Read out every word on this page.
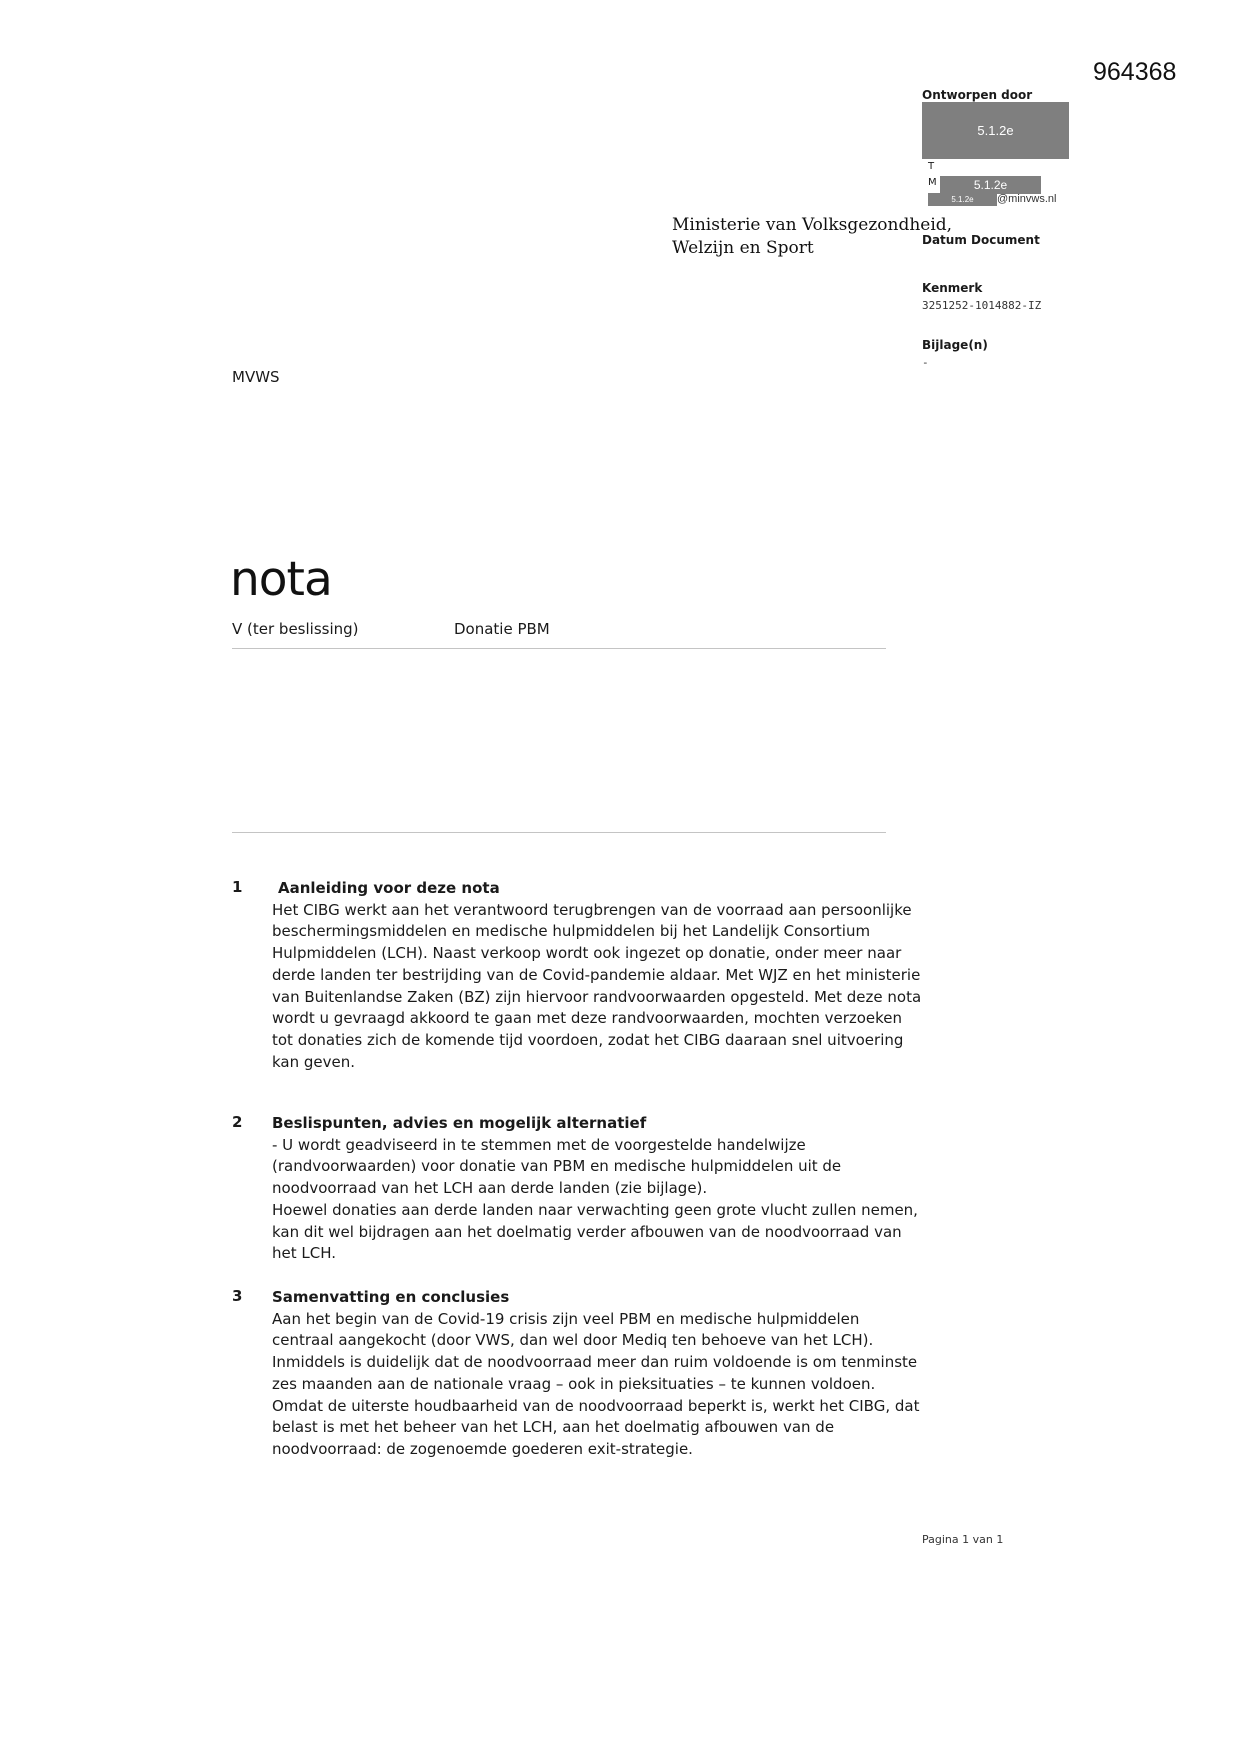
964368
Ontworpen door
5.1.2e
T
M	5.1.2e
5.1.2e	@minvws.nl
Datum Document
Kenmerk
3251252-1014882-IZ
Bijlage(n)
-
Ministerie van Volksgezondheid,
Welzijn en Sport
MVWS
nota
V (ter beslissing)	Donatie PBM
1 Aanleiding voor deze nota

Het CIBG werkt aan het verantwoord terugbrengen van de voorraad aan persoonlijke beschermingsmiddelen en medische hulpmiddelen bij het Landelijk Consortium Hulpmiddelen (LCH). Naast verkoop wordt ook ingezet op donatie, onder meer naar derde landen ter bestrijding van de Covid-pandemie aldaar. Met WJZ en het ministerie van Buitenlandse Zaken (BZ) zijn hiervoor randvoorwaarden opgesteld. Met deze nota wordt u gevraagd akkoord te gaan met deze randvoorwaarden, mochten verzoeken tot donaties zich de komende tijd voordoen, zodat het CIBG daaraan snel uitvoering kan geven.

2 Beslispunten, advies en mogelijk alternatief

- U wordt geadviseerd in te stemmen met de voorgestelde handelwijze (randvoorwaarden) voor donatie van PBM en medische hulpmiddelen uit de noodvoorraad van het LCH aan derde landen (zie bijlage).

Hoewel donaties aan derde landen naar verwachting geen grote vlucht zullen nemen, kan dit wel bijdragen aan het doelmatig verder afbouwen van de noodvoorraad van het LCH.

3 Samenvatting en conclusies

Aan het begin van de Covid-19 crisis zijn veel PBM en medische hulpmiddelen centraal aangekocht (door VWS, dan wel door Mediq ten behoeve van het LCH). Inmiddels is duidelijk dat de noodvoorraad meer dan ruim voldoende is om tenminste zes maanden aan de nationale vraag – ook in pieksituaties – te kunnen voldoen. Omdat de uiterste houdbaarheid van de noodvoorraad beperkt is, werkt het CIBG, dat belast is met het beheer van het LCH, aan het doelmatig afbouwen van de noodvoorraad: de zogenoemde goederen exit-strategie.

Pagina 1 van 1
